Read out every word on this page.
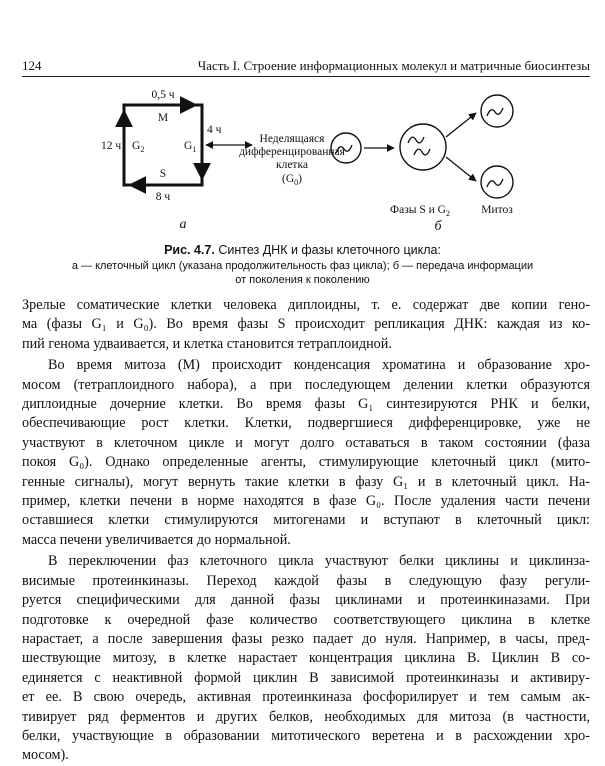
124	Часть I. Строение информационных молекул и матричные биосинтезы
0,5 ч
M
4 ч
12 ч $G_2$	$G_1$
S
8 ч
Неделящаяся
дифференцированная
клетка
$(G_0)$
а
Фазы S и $G_2$	Митоз
б

Рис. 4.7. Синтез ДНК и фазы клеточного цикла:

а — клеточный цикл (указана продолжительность фаз цикла); б — передача информации
от поколения к поколению

Зрелые соматические клетки человека диплоидны, т. е. содержат две копии гено-
ма (фазы G₁ и G₀). Во время фазы S происходит репликация ДНК: каждая из ко-
пий генома удваивается, и клетка становится тетраплоидной.

Во время митоза (М) происходит конденсация хроматина и образование хро-
мосом (тетраплоидного набора), а при последующем делении клетки образуются
диплоидные дочерние клетки. Во время фазы G₁ синтезируются РНК и белки,
обеспечивающие рост клетки. Клетки, подвергшиеся дифференцировке, уже не
участвуют в клеточном цикле и могут долго оставаться в таком состоянии (фаза
покоя G₀). Однако определенные агенты, стимулирующие клеточный цикл (мито-
генные сигналы), могут вернуть такие клетки в фазу G₁ и в клеточный цикл. На-
пример, клетки печени в норме находятся в фазе G₀. После удаления части печени
оставшиеся клетки стимулируются митогенами и вступают в клеточный цикл:
масса печени увеличивается до нормальной.

В переключении фаз клеточного цикла участвуют белки циклины и циклинза-
висимые протеинкиназы. Переход каждой фазы в следующую фазу регули-
руется специфическими для данной фазы циклинами и протеинкиназами. При
подготовке к очередной фазе количество соответствующего циклина в клетке
нарастает, а после завершения фазы резко падает до нуля. Например, в часы, пред-
шествующие митозу, в клетке нарастает концентрация циклина В. Циклин В со-
единяется с неактивной формой циклин В зависимой протеинкиназы и активиру-
ет ее. В свою очередь, активная протеинкиназа фосфорилирует и тем самым ак-
тивирует ряд ферментов и других белков, необходимых для митоза (в частности,
белки, участвующие в образовании митотического веретена и в расхождении хро-
мосом).
